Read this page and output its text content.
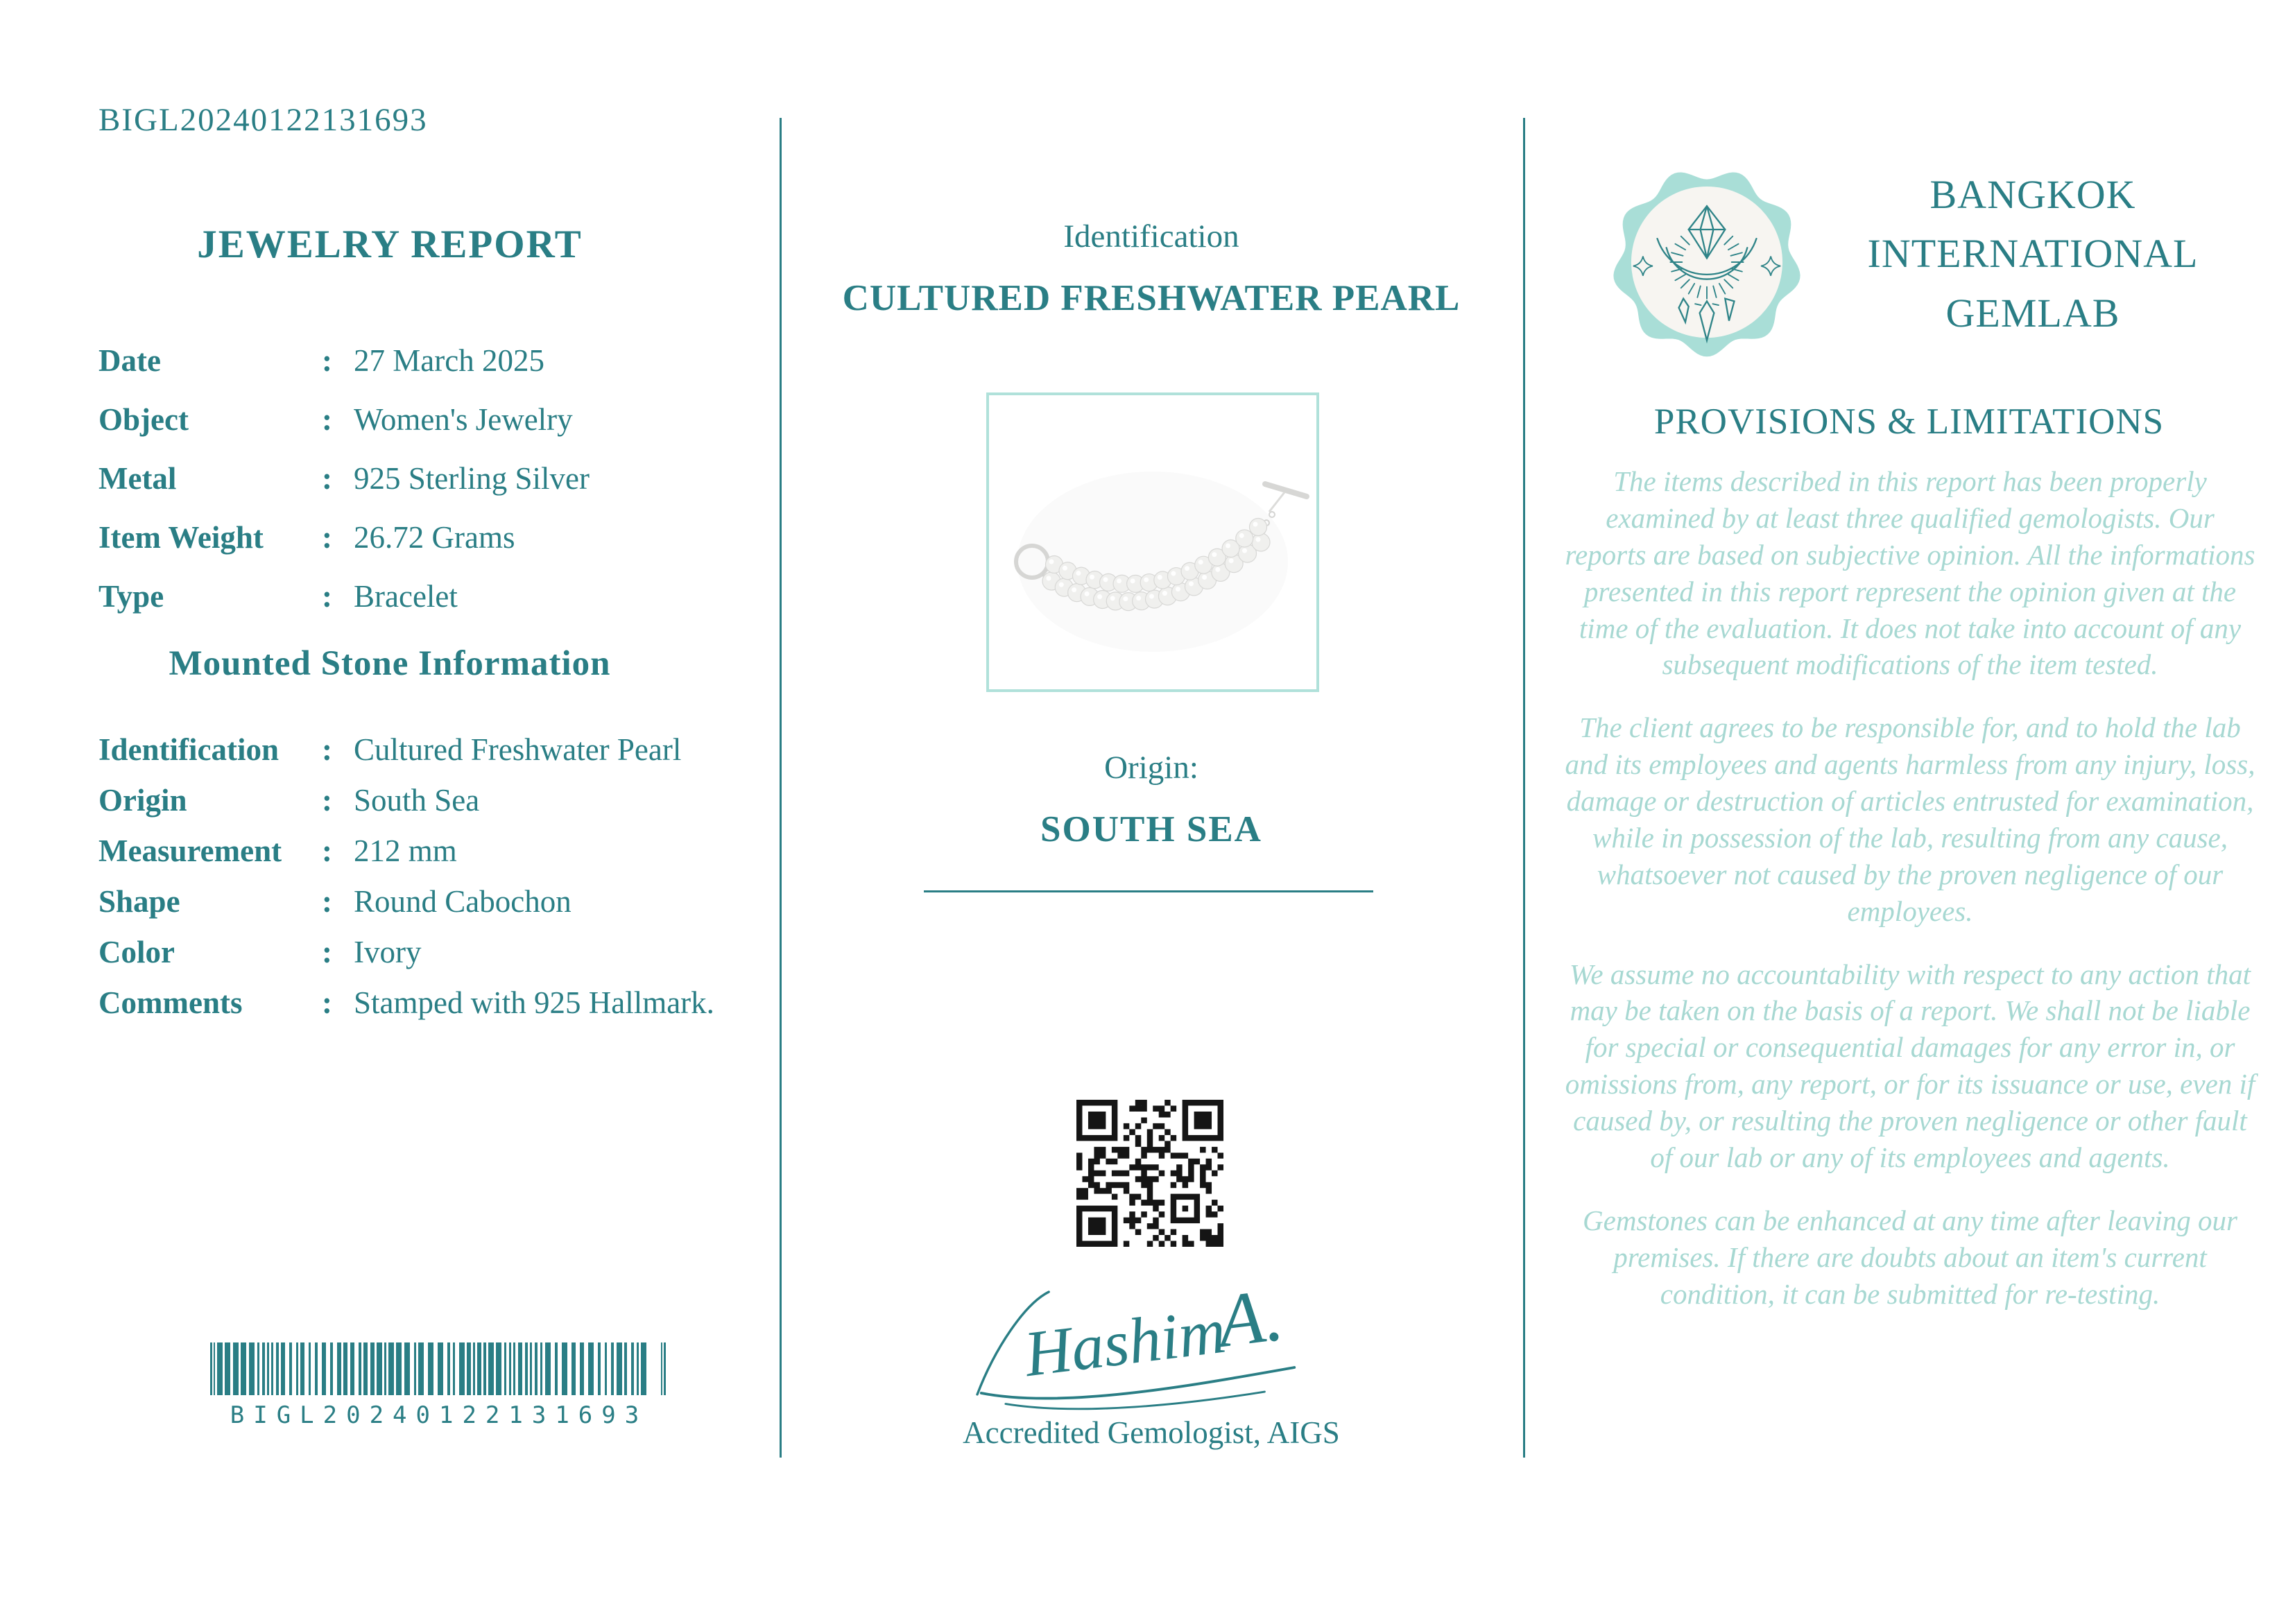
BIGL20240122131693
JEWELRY REPORT
Date	: 27 March 2025
Object	: Women's Jewelry
Metal	: 925 Sterling Silver
Item Weight	: 26.72 Grams
Type	: Bracelet
Mounted Stone Information
Identification	: Cultured Freshwater Pearl
Origin	: South Sea
Measurement	: 212 mm
Shape	: Round Cabochon
Color	: Ivory
Comments	: Stamped with 925 Hallmark.
BIGL20240122131693
Identification
CULTURED FRESHWATER PEARL
Origin:
SOUTH SEA
Hashim
A.
Accredited Gemologist, AIGS
BANGKOK INTERNATIONAL GEMLAB
PROVISIONS & LIMITATIONS

The items described in this report has been properly examined by at least three qualified gemologists. Our reports are based on subjective opinion. All the informations presented in this report represent the opinion given at the time of the evaluation. It does not take into account of any subsequent modifications of the item tested.

The client agrees to be responsible for, and to hold the lab and its employees and agents harmless from any injury, loss, damage or destruction of articles entrusted for examination, while in possession of the lab, resulting from any cause, whatsoever not caused by the proven negligence of our employees.

We assume no accountability with respect to any action that may be taken on the basis of a report. We shall not be liable for special or consequential damages for any error in, or omissions from, any report, or for its issuance or use, even if caused by, or resulting the proven negligence or other fault of our lab or any of its employees and agents.

Gemstones can be enhanced at any time after leaving our premises. If there are doubts about an item's current condition, it can be submitted for re-testing.
